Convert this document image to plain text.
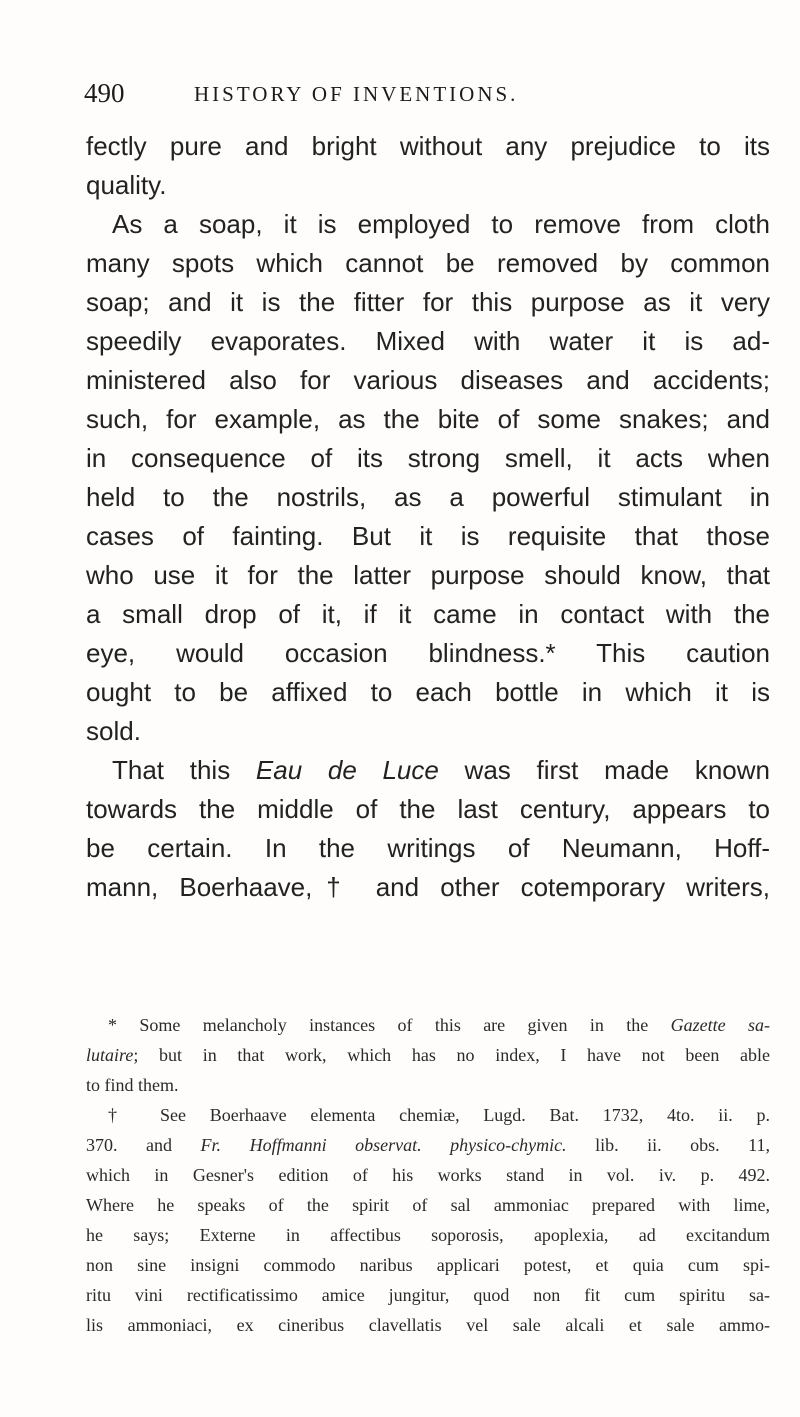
490	HISTORY OF INVENTIONS.
fectly pure and bright without any prejudice to its
quality.
As a soap, it is employed to remove from cloth
many spots which cannot be removed by common
soap; and it is the fitter for this purpose as it very
speedily evaporates. Mixed with water it is ad-
ministered also for various diseases and accidents;
such, for example, as the bite of some snakes; and
in consequence of its strong smell, it acts when
held to the nostrils, as a powerful stimulant in
cases of fainting. But it is requisite that those
who use it for the latter purpose should know, that
a small drop of it, if it came in contact with the
eye, would occasion blindness.* This caution
ought to be affixed to each bottle in which it is
sold.
That this Eau de Luce was first made known
towards the middle of the last century, appears to
be certain. In the writings of Neumann, Hoff-
mann, Boerhaave,† and other cotemporary writers,
* Some melancholy instances of this are given in the Gazette sa-
lutaire; but in that work, which has no index, I have not been able
to find them.
† See Boerhaave elementa chemiæ, Lugd. Bat. 1732, 4to. ii. p.
370. and Fr. Hoffmanni observat. physico-chymic. lib. ii. obs. 11,
which in Gesner's edition of his works stand in vol. iv. p. 492.
Where he speaks of the spirit of sal ammoniac prepared with lime,
he says; Externe in affectibus soporosis, apoplexia, ad excitandum
non sine insigni commodo naribus applicari potest, et quia cum spi-
ritu vini rectificatissimo amice jungitur, quod non fit cum spiritu sa-
lis ammoniaci, ex cineribus clavellatis vel sale alcali et sale ammo-
